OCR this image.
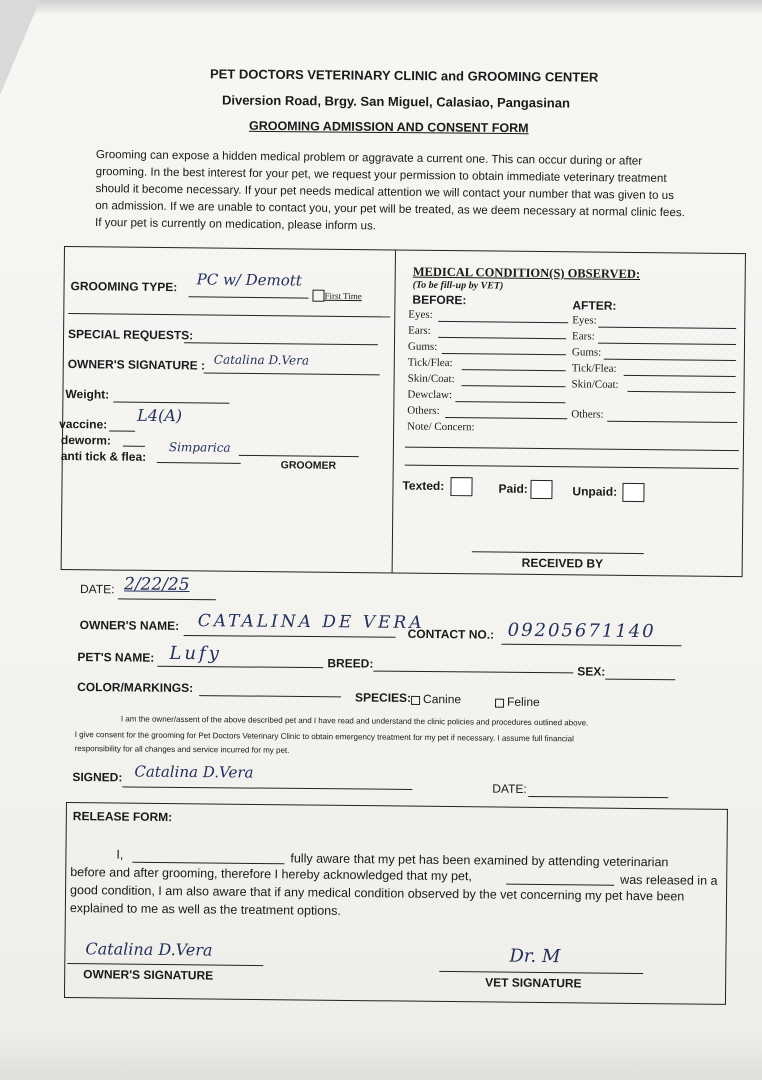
PET DOCTORS VETERINARY CLINIC and GROOMING CENTER
Diversion Road, Brgy. San Miguel, Calasiao, Pangasinan
GROOMING ADMISSION AND CONSENT FORM
Grooming can expose a hidden medical problem or aggravate a current one. This can occur during or after
grooming. In the best interest for your pet, we request your permission to obtain immediate veterinary treatment
should it become necessary. If your pet needs medical attention we will contact your number that was given to us
on admission. If we are unable to contact you, your pet will be treated, as we deem necessary at normal clinic fees.
If your pet is currently on medication, please inform us.
GROOMING TYPE: PC w/ Demott
First Time
SPECIAL REQUESTS:
OWNER'S SIGNATURE : Catalina D.Vera
Weight:
vaccine: L4(A)
deworm:
anti tick & flea:
Simparica
GROOMER
MEDICAL CONDITION(S) OBSERVED:
(To be fill-up by VET)
BEFORE:	AFTER:
Eyes:
Ears:
Gums:
Tick/Flea:
Skin/Coat:
Dewclaw:
Others:
Note/ Concern:
Eyes:
Ears:
Gums:
Tick/Flea:
Skin/Coat:
Others:
Texted:	Paid:	Unpaid:
RECEIVED BY
DATE: 2/22/25
OWNER'S NAME: CATALINA DE VERA
CONTACT NO.: 09205671140
PET'S NAME: Lufy	BREED:
SEX:
COLOR/MARKINGS:
SPECIES: Canine	Feline
I am the owner/assent of the above described pet and I have read and understand the clinic policies and procedures outlined above.
I give consent for the grooming for Pet Doctors Veterinary Clinic to obtain emergency treatment for my pet if necessary. I assume full financial
responsibility for all changes and service incurred for my pet.
SIGNED: Catalina D.Vera
DATE:
RELEASE FORM:
I,	fully aware that my pet has been examined by attending veterinarian
before and after grooming, therefore I hereby acknowledged that my pet,	was released in a
good condition, I am also aware that if any medical condition observed by the vet concerning my pet have been
explained to me as well as the treatment options.
Catalina D.Vera
OWNER'S SIGNATURE
Dr. M
VET SIGNATURE
